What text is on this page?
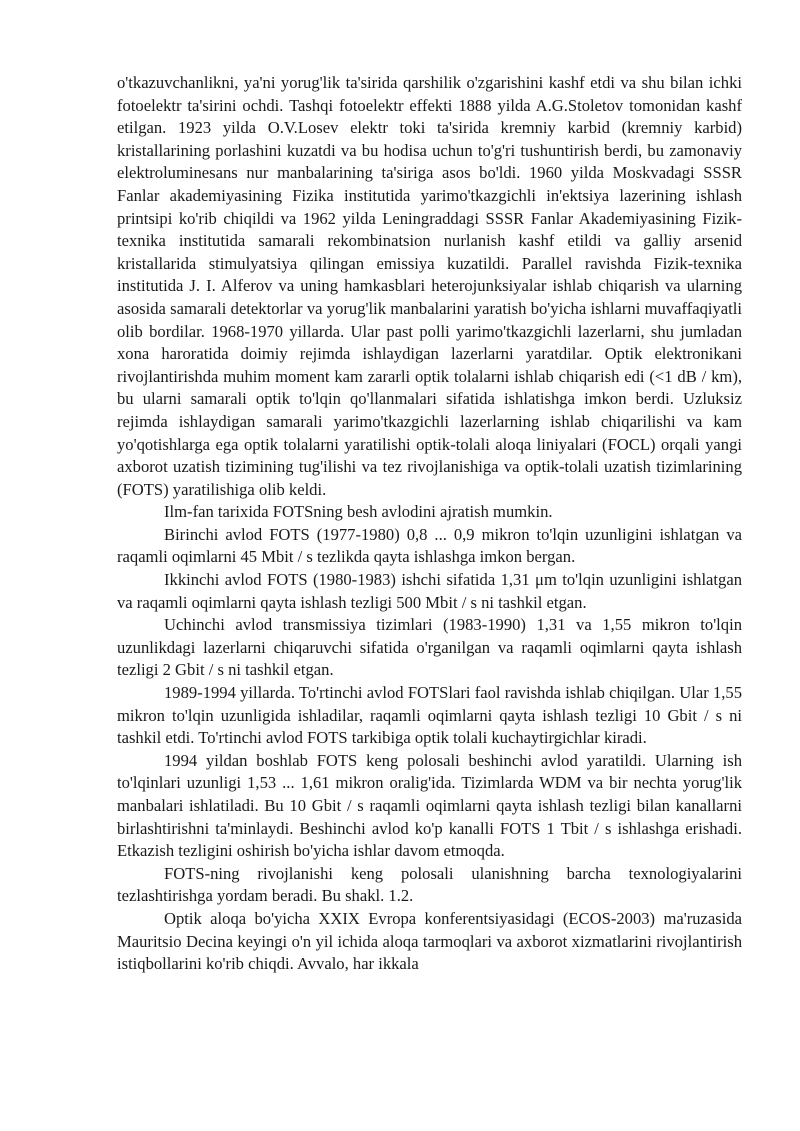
o'tkazuvchanlikni, ya'ni yorug'lik ta'sirida qarshilik o'zgarishini kashf etdi va shu bilan ichki fotoelektr ta'sirini ochdi. Tashqi fotoelektr effekti 1888 yilda A.G.Stoletov tomonidan kashf etilgan. 1923 yilda O.V.Losev elektr toki ta'sirida kremniy karbid (kremniy karbid) kristallarining porlashini kuzatdi va bu hodisa uchun to'g'ri tushuntirish berdi, bu zamonaviy elektroluminesans nur manbalarining ta'siriga asos bo'ldi. 1960 yilda Moskvadagi SSSR Fanlar akademiyasining Fizika institutida yarimo'tkazgichli in'ektsiya lazerining ishlash printsipi ko'rib chiqildi va 1962 yilda Leningraddagi SSSR Fanlar Akademiyasining Fizik-texnika institutida samarali rekombinatsion nurlanish kashf etildi va galliy arsenid kristallarida stimulyatsiya qilingan emissiya kuzatildi. Parallel ravishda Fizik-texnika institutida J. I. Alferov va uning hamkasblari heterojunksiyalar ishlab chiqarish va ularning asosida samarali detektorlar va yorug'lik manbalarini yaratish bo'yicha ishlarni muvaffaqiyatli olib bordilar. 1968-1970 yillarda. Ular past polli yarimo'tkazgichli lazerlarni, shu jumladan xona haroratida doimiy rejimda ishlaydigan lazerlarni yaratdilar. Optik elektronikani rivojlantirishda muhim moment kam zararli optik tolalarni ishlab chiqarish edi (<1 dB / km), bu ularni samarali optik to'lqin qo'llanmalari sifatida ishlatishga imkon berdi. Uzluksiz rejimda ishlaydigan samarali yarimo'tkazgichli lazerlarning ishlab chiqarilishi va kam yo'qotishlarga ega optik tolalarni yaratilishi optik-tolali aloqa liniyalari (FOCL) orqali yangi axborot uzatish tizimining tug'ilishi va tez rivojlanishiga va optik-tolali uzatish tizimlarining (FOTS) yaratilishiga olib keldi.

Ilm-fan tarixida FOTSning besh avlodini ajratish mumkin.

Birinchi avlod FOTS (1977-1980) 0,8 ... 0,9 mikron to'lqin uzunligini ishlatgan va raqamli oqimlarni 45 Mbit / s tezlikda qayta ishlashga imkon bergan.

Ikkinchi avlod FOTS (1980-1983) ishchi sifatida 1,31 μm to'lqin uzunligini ishlatgan va raqamli oqimlarni qayta ishlash tezligi 500 Mbit / s ni tashkil etgan.

Uchinchi avlod transmissiya tizimlari (1983-1990) 1,31 va 1,55 mikron to'lqin uzunlikdagi lazerlarni chiqaruvchi sifatida o'rganilgan va raqamli oqimlarni qayta ishlash tezligi 2 Gbit / s ni tashkil etgan.

1989-1994 yillarda. To'rtinchi avlod FOTSlari faol ravishda ishlab chiqilgan. Ular 1,55 mikron to'lqin uzunligida ishladilar, raqamli oqimlarni qayta ishlash tezligi 10 Gbit / s ni tashkil etdi. To'rtinchi avlod FOTS tarkibiga optik tolali kuchaytirgichlar kiradi.

1994 yildan boshlab FOTS keng polosali beshinchi avlod yaratildi. Ularning ish to'lqinlari uzunligi 1,53 ... 1,61 mikron oralig'ida. Tizimlarda WDM va bir nechta yorug'lik manbalari ishlatiladi. Bu 10 Gbit / s raqamli oqimlarni qayta ishlash tezligi bilan kanallarni birlashtirishni ta'minlaydi. Beshinchi avlod ko'p kanalli FOTS 1 Tbit / s ishlashga erishadi. Etkazish tezligini oshirish bo'yicha ishlar davom etmoqda.

FOTS-ning rivojlanishi keng polosali ulanishning barcha texnologiyalarini tezlashtirishga yordam beradi. Bu shakl. 1.2.

Optik aloqa bo'yicha XXIX Evropa konferentsiyasidagi (ECOS-2003) ma'ruzasida Mauritsio Decina keyingi o'n yil ichida aloqa tarmoqlari va axborot xizmatlarini rivojlantirish istiqbollarini ko'rib chiqdi. Avvalo, har ikkala
